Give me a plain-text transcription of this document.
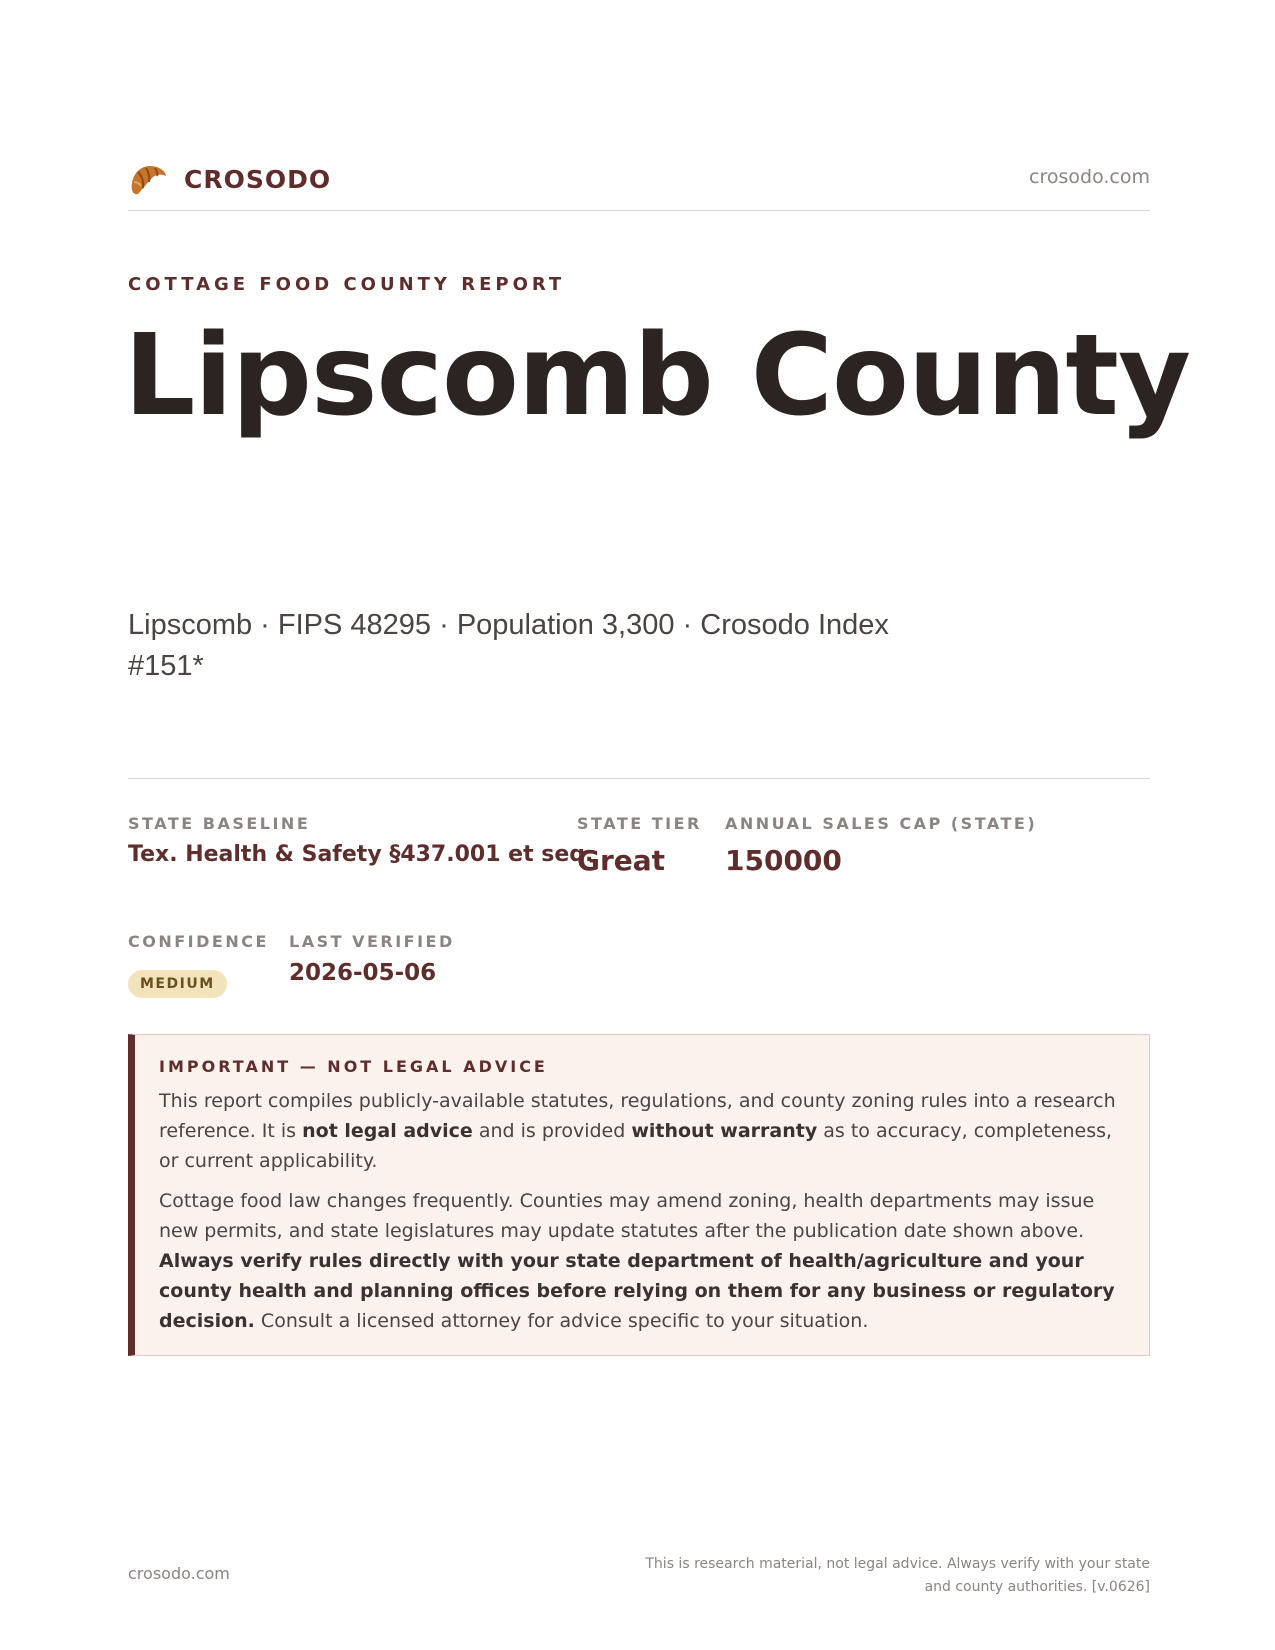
CROSODO	crosodo.com
COTTAGE FOOD COUNTY REPORT
Lipscomb County
Lipscomb · FIPS 48295 · Population 3,300 · Crosodo Index #151*
STATE BASELINE
Tex. Health & Safety §437.001 et seq.
STATE TIER
Great
ANNUAL SALES CAP (STATE)
150000
CONFIDENCE
MEDIUM
LAST VERIFIED
2026-05-06
IMPORTANT — NOT LEGAL ADVICE

This report compiles publicly-available statutes, regulations, and county zoning rules into a research reference. It is not legal advice and is provided without warranty as to accuracy, completeness, or current applicability.

Cottage food law changes frequently. Counties may amend zoning, health departments may issue new permits, and state legislatures may update statutes after the publication date shown above. Always verify rules directly with your state department of health/agriculture and your county health and planning offices before relying on them for any business or regulatory decision. Consult a licensed attorney for advice specific to your situation.

crosodo.com	This is research material, not legal advice. Always verify with your state and county authorities. [v.0626]
